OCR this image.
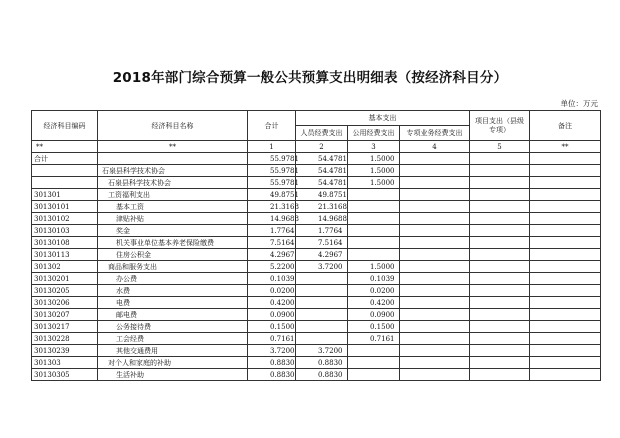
2018年部门综合预算一般公共预算支出明细表（按经济科目分）
单位：万元
经济科目编码	经济科目名称	合计	基本支出			项目支出（县级专项）	备注
			人员经费支出	公用经费支出	专项业务经费支出		
**	**	1	2	3	4	5	**
合计		55.9781	54.4781	1.5000			
	石泉县科学技术协会	55.9781	54.4781	1.5000			
	石泉县科学技术协会	55.9781	54.4781	1.5000			
301301	工资福利支出	49.8751	49.8751				
30130101	基本工资	21.3168	21.3168				
30130102	津贴补贴	14.9688	14.9688				
30130103	奖金	1.7764	1.7764				
30130108	机关事业单位基本养老保险缴费	7.5164	7.5164				
30130113	住房公积金	4.2967	4.2967				
301302	商品和服务支出	5.2200	3.7200	1.5000			
30130201	办公费	0.1039		0.1039			
30130205	水费	0.0200		0.0200			
30130206	电费	0.4200		0.4200			
30130207	邮电费	0.0900		0.0900			
30130217	公务接待费	0.1500		0.1500			
30130228	工会经费	0.7161		0.7161			
30130239	其他交通费用	3.7200	3.7200				
301303	对个人和家庭的补助	0.8830	0.8830				
30130305	生活补助	0.8830	0.8830				
